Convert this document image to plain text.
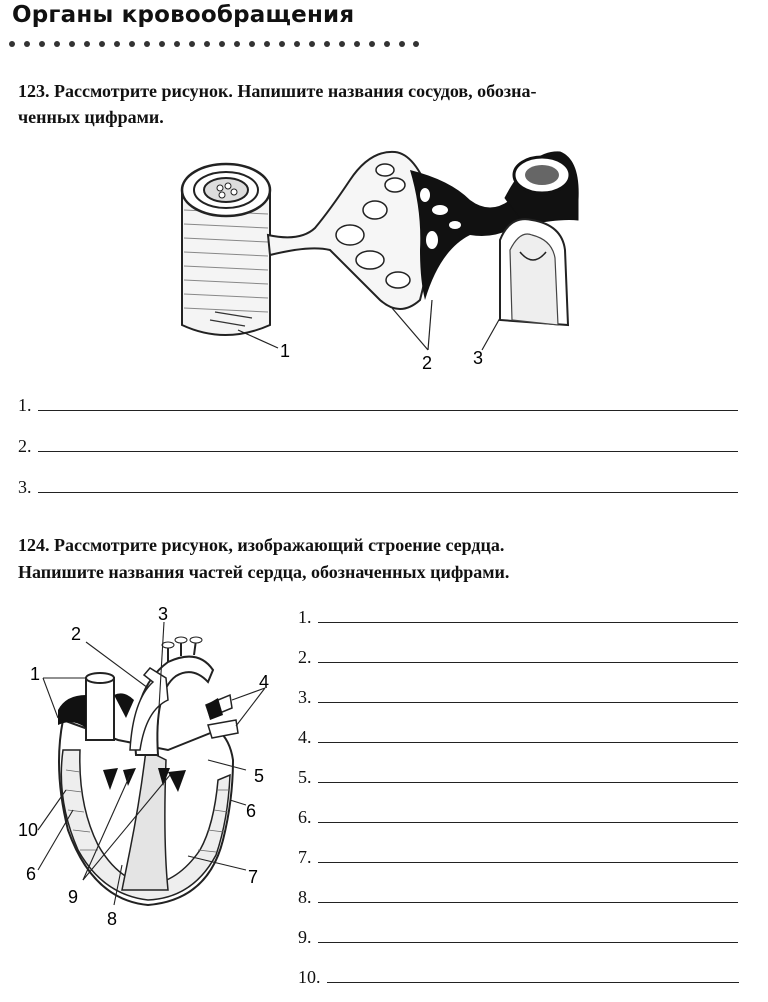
Органы кровообращения
123. Рассмотрите рисунок. Напишите названия сосудов, обозна-
ченных цифрами.
1
2 3
1.
2.
3.
124. Рассмотрите рисунок, изображающий строение сердца.
Напишите названия частей сердца, обозначенных цифрами.
1
2
3
4
5
6
7
8
9
10
6
1.
2.
3.
4.
5.
6.
7.
8.
9.
10.
